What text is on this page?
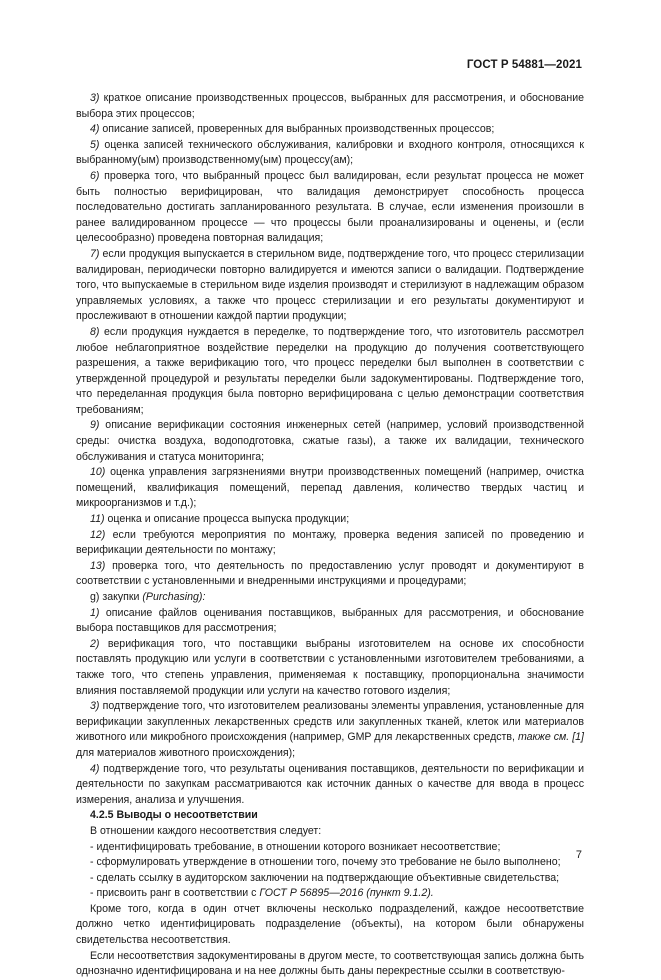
ГОСТ Р 54881—2021

3) краткое описание производственных процессов, выбранных для рассмотрения, и обоснование выбора этих процессов;

4) описание записей, проверенных для выбранных производственных процессов;

5) оценка записей технического обслуживания, калибровки и входного контроля, относящихся к выбранному(ым) производственному(ым) процессу(ам);

6) проверка того, что выбранный процесс был валидирован, если результат процесса не может быть полностью верифицирован, что валидация демонстрирует способность процесса последовательно достигать запланированного результата. В случае, если изменения произошли в ранее валидированном процессе — что процессы были проанализированы и оценены, и (если целесообразно) проведена повторная валидация;

7) если продукция выпускается в стерильном виде, подтверждение того, что процесс стерилизации валидирован, периодически повторно валидируется и имеются записи о валидации. Подтверждение того, что выпускаемые в стерильном виде изделия производят и стерилизуют в надлежащим образом управляемых условиях, а также что процесс стерилизации и его результаты документируют и прослеживают в отношении каждой партии продукции;

8) если продукция нуждается в переделке, то подтверждение того, что изготовитель рассмотрел любое неблагоприятное воздействие переделки на продукцию до получения соответствующего разрешения, а также верификацию того, что процесс переделки был выполнен в соответствии с утвержденной процедурой и результаты переделки были задокументированы. Подтверждение того, что переделанная продукция была повторно верифицирована с целью демонстрации соответствия требованиям;

9) описание верификации состояния инженерных сетей (например, условий производственной среды: очистка воздуха, водоподготовка, сжатые газы), а также их валидации, технического обслуживания и статуса мониторинга;

10) оценка управления загрязнениями внутри производственных помещений (например, очистка помещений, квалификация помещений, перепад давления, количество твердых частиц и микроорганизмов и т.д.);

11) оценка и описание процесса выпуска продукции;

12) если требуются мероприятия по монтажу, проверка ведения записей по проведению и верификации деятельности по монтажу;

13) проверка того, что деятельность по предоставлению услуг проводят и документируют в соответствии с установленными и внедренными инструкциями и процедурами;

g) закупки (Purchasing):

1) описание файлов оценивания поставщиков, выбранных для рассмотрения, и обоснование выбора поставщиков для рассмотрения;

2) верификация того, что поставщики выбраны изготовителем на основе их способности поставлять продукцию или услуги в соответствии с установленными изготовителем требованиями, а также того, что степень управления, применяемая к поставщику, пропорциональна значимости влияния поставляемой продукции или услуги на качество готового изделия;

3) подтверждение того, что изготовителем реализованы элементы управления, установленные для верификации закупленных лекарственных средств или закупленных тканей, клеток или материалов животного или микробного происхождения (например, GMP для лекарственных средств, также см. [1] для материалов животного происхождения);

4) подтверждение того, что результаты оценивания поставщиков, деятельности по верификации и деятельности по закупкам рассматриваются как источник данных о качестве для ввода в процесс измерения, анализа и улучшения.

4.2.5 Выводы о несоответствии

В отношении каждого несоответствия следует:

- идентифицировать требование, в отношении которого возникает несоответствие;

- сформулировать утверждение в отношении того, почему это требование не было выполнено;

- сделать ссылку в аудиторском заключении на подтверждающие объективные свидетельства;

- присвоить ранг в соответствии с ГОСТ Р 56895—2016 (пункт 9.1.2).

Кроме того, когда в один отчет включены несколько подразделений, каждое несоответствие должно четко идентифицировать подразделение (объекты), на котором были обнаружены свидетельства несоответствия.

Если несоответствия задокументированы в другом месте, то соответствующая запись должна быть однозначно идентифицирована и на нее должны быть даны перекрестные ссылки в соответствую-

7
